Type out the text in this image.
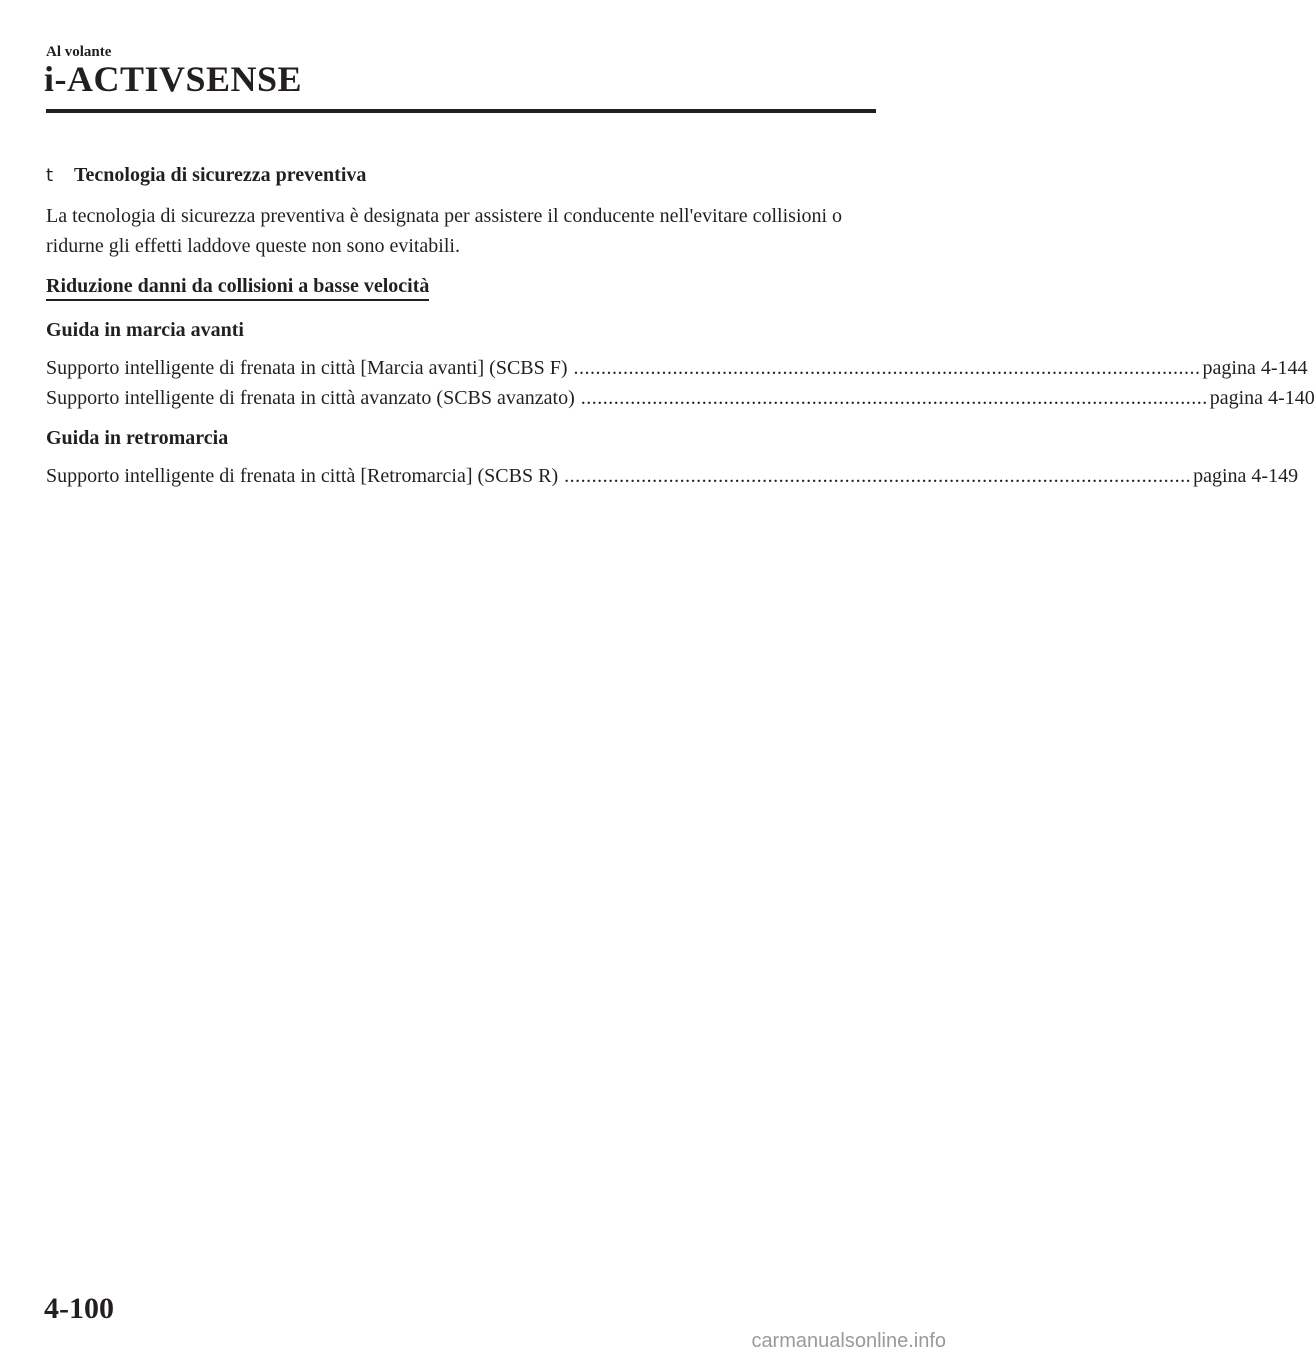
Al volante
i-ACTIVSENSE
t	Tecnologia di sicurezza preventiva
La tecnologia di sicurezza preventiva è designata per assistere il conducente nell'evitare collisioni o ridurne gli effetti laddove queste non sono evitabili.
Riduzione danni da collisioni a basse velocità
Guida in marcia avanti
Supporto intelligente di frenata in città [Marcia avanti] (SCBS F) .................................................................................................................. pagina 4-144
Supporto intelligente di frenata in città avanzato (SCBS avanzato) .................................................................................................................. pagina 4-140
Guida in retromarcia
Supporto intelligente di frenata in città [Retromarcia] (SCBS R) .................................................................................................................. pagina 4-149
4-100
carmanualsonline.info
